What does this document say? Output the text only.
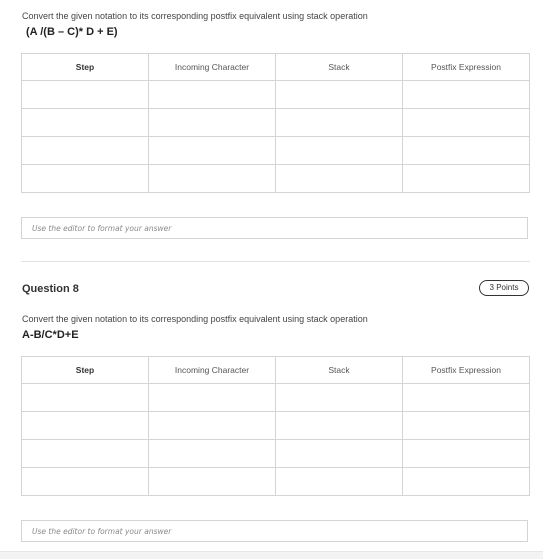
Convert the given notation to its corresponding postfix equivalent using stack operation
(A /(B – C)* D + E)
Step	Incoming Character	Stack	Postfix Expression

Use the editor to format your answer
Question 8	3 Points
Convert the given notation to its corresponding postfix equivalent using stack operation
A-B/C*D+E
Step	Incoming Character	Stack	Postfix Expression

Use the editor to format your answer
